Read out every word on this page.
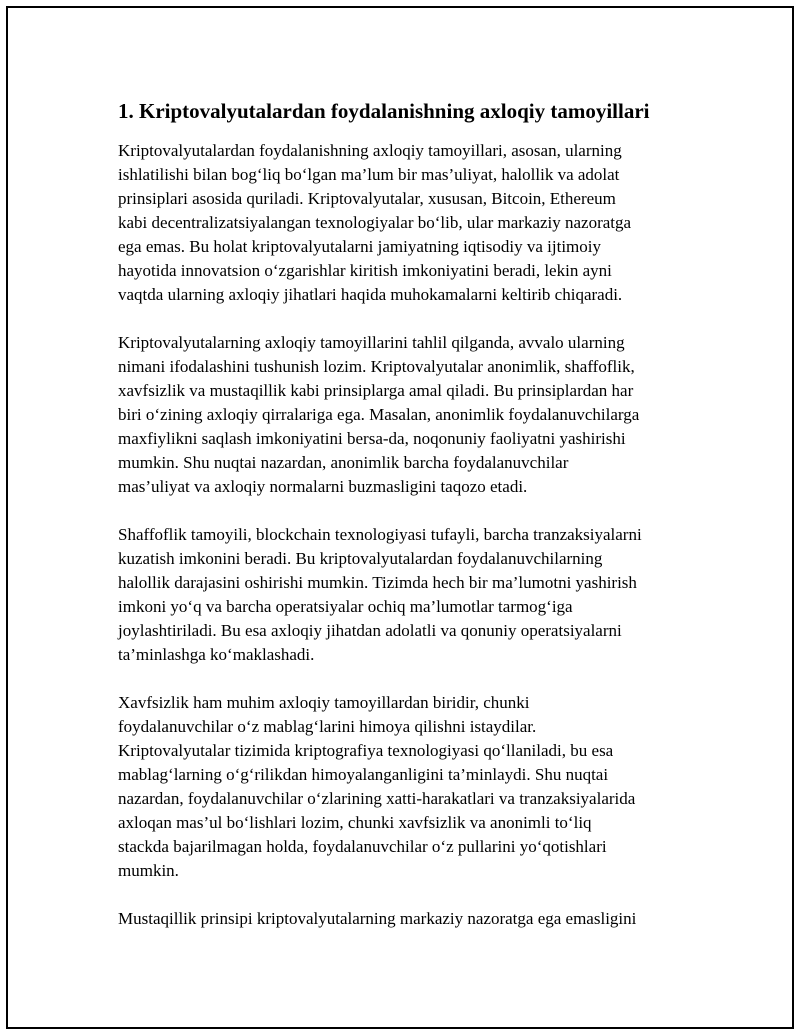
1. Kriptovalyutalardan foydalanishning axloqiy tamoyillari

Kriptovalyutalardan foydalanishning axloqiy tamoyillari, asosan, ularning
ishlatilishi bilan bog‘liq bo‘lgan ma’lum bir mas’uliyat, halollik va adolat
prinsiplari asosida quriladi. Kriptovalyutalar, xususan, Bitcoin, Ethereum
kabi decentralizatsiyalangan texnologiyalar bo‘lib, ular markaziy nazoratga
ega emas. Bu holat kriptovalyutalarni jamiyatning iqtisodiy va ijtimoiy
hayotida innovatsion o‘zgarishlar kiritish imkoniyatini beradi, lekin ayni
vaqtda ularning axloqiy jihatlari haqida muhokamalarni keltirib chiqaradi.

Kriptovalyutalarning axloqiy tamoyillarini tahlil qilganda, avvalo ularning
nimani ifodalashini tushunish lozim. Kriptovalyutalar anonimlik, shaffoflik,
xavfsizlik va mustaqillik kabi prinsiplarga amal qiladi. Bu prinsiplardan har
biri o‘zining axloqiy qirralariga ega. Masalan, anonimlik foydalanuvchilarga
maxfiylikni saqlash imkoniyatini bersa-da, noqonuniy faoliyatni yashirishi
mumkin. Shu nuqtai nazardan, anonimlik barcha foydalanuvchilar
mas’uliyat va axloqiy normalarni buzmasligini taqozo etadi.

Shaffoflik tamoyili, blockchain texnologiyasi tufayli, barcha tranzaksiyalarni
kuzatish imkonini beradi. Bu kriptovalyutalardan foydalanuvchilarning
halollik darajasini oshirishi mumkin. Tizimda hech bir ma’lumotni yashirish
imkoni yo‘q va barcha operatsiyalar ochiq ma’lumotlar tarmog‘iga
joylashtiriladi. Bu esa axloqiy jihatdan adolatli va qonuniy operatsiyalarni
ta’minlashga ko‘maklashadi.

Xavfsizlik ham muhim axloqiy tamoyillardan biridir, chunki
foydalanuvchilar o‘z mablag‘larini himoya qilishni istaydilar.
Kriptovalyutalar tizimida kriptografiya texnologiyasi qo‘llaniladi, bu esa
mablag‘larning o‘g‘rilikdan himoyalanganligini ta’minlaydi. Shu nuqtai
nazardan, foydalanuvchilar o‘zlarining xatti-harakatlari va tranzaksiyalarida
axloqan mas’ul bo‘lishlari lozim, chunki xavfsizlik va anonimli to‘liq
stackda bajarilmagan holda, foydalanuvchilar o‘z pullarini yo‘qotishlari
mumkin.

Mustaqillik prinsipi kriptovalyutalarning markaziy nazoratga ega emasligini
